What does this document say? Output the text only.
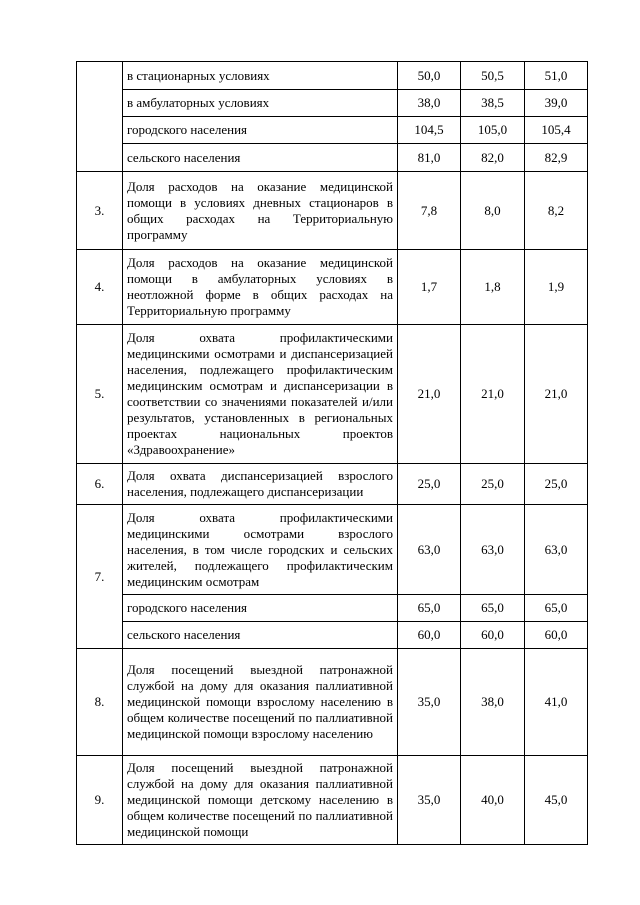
	в стационарных условиях	50,0	50,5	51,0
	в амбулаторных условиях	38,0	38,5	39,0
	городского населения	104,5	105,0	105,4
	сельского населения	81,0	82,0	82,9
3.	Доля расходов на оказание медицинской помощи в условиях дневных стационаров в общих расходах на Территориальную программу	7,8	8,0	8,2
4.	Доля расходов на оказание медицинской помощи в амбулаторных условиях в неотложной форме в общих расходах на Территориальную программу	1,7	1,8	1,9
5.	Доля охвата профилактическими медицинскими осмотрами и диспансеризацией населения, подлежащего профилактическим медицинским осмотрам и диспансеризации в соответствии со значениями показателей и/или результатов, установленных в региональных проектах национальных проектов «Здравоохранение»	21,0	21,0	21,0
6.	Доля охвата диспансеризацией взрослого населения, подлежащего диспансеризации	25,0	25,0	25,0
7.	Доля охвата профилактическими медицинскими осмотрами взрослого населения, в том числе городских и сельских жителей, подлежащего профилактическим медицинским осмотрам	63,0	63,0	63,0
	городского населения	65,0	65,0	65,0
	сельского населения	60,0	60,0	60,0
8.	Доля посещений выездной патронажной службой на дому для оказания паллиативной медицинской помощи взрослому населению в общем количестве посещений по паллиативной медицинской помощи взрослому населению	35,0	38,0	41,0
9.	Доля посещений выездной патронажной службой на дому для оказания паллиативной медицинской помощи детскому населению в общем количестве посещений по паллиативной медицинской помощи	35,0	40,0	45,0
